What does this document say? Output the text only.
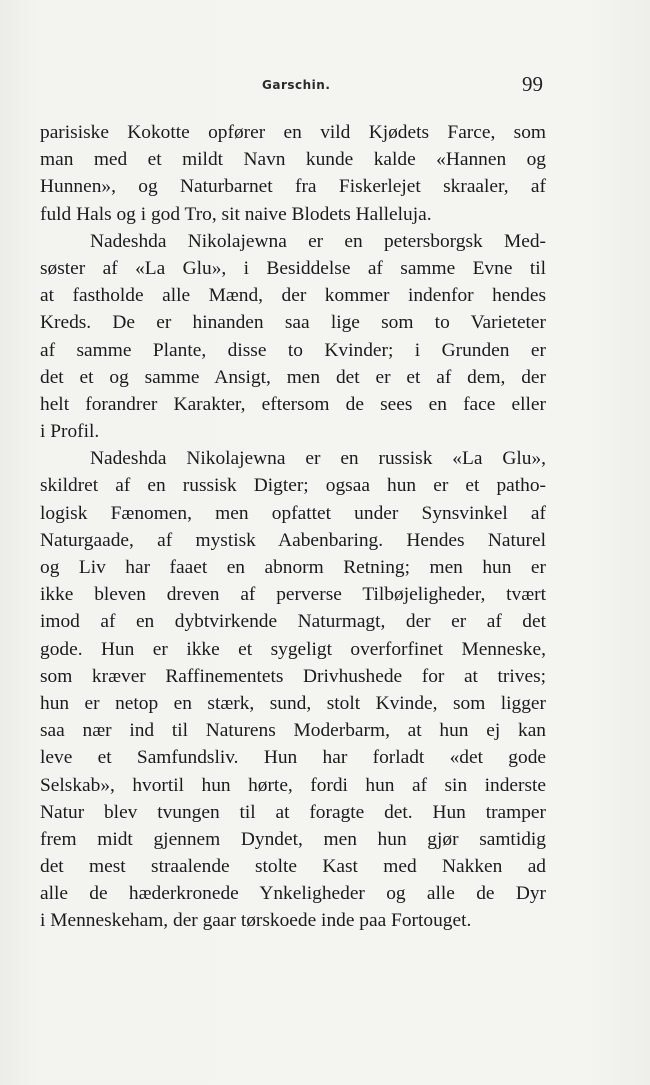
Garschin.	99
parisiske Kokotte opfører en vild Kjødets Farce, som
man med et mildt Navn kunde kalde «Hannen og
Hunnen», og Naturbarnet fra Fiskerlejet skraaler, af
fuld Hals og i god Tro, sit naive Blodets Halleluja.
Nadeshda Nikolajewna er en petersborgsk Med-
søster af «La Glu», i Besiddelse af samme Evne til
at fastholde alle Mænd, der kommer indenfor hendes
Kreds. De er hinanden saa lige som to Varieteter
af samme Plante, disse to Kvinder; i Grunden er
det et og samme Ansigt, men det er et af dem, der
helt forandrer Karakter, eftersom de sees en face eller
i Profil.
Nadeshda Nikolajewna er en russisk «La Glu»,
skildret af en russisk Digter; ogsaa hun er et patho-
logisk Fænomen, men opfattet under Synsvinkel af
Naturgaade, af mystisk Aabenbaring. Hendes Naturel
og Liv har faaet en abnorm Retning; men hun er
ikke bleven dreven af perverse Tilbøjeligheder, tvært
imod af en dybtvirkende Naturmagt, der er af det
gode. Hun er ikke et sygeligt overforfinet Menneske,
som kræver Raffinementets Drivhushede for at trives;
hun er netop en stærk, sund, stolt Kvinde, som ligger
saa nær ind til Naturens Moderbarm, at hun ej kan
leve et Samfundsliv. Hun har forladt «det gode
Selskab», hvortil hun hørte, fordi hun af sin inderste
Natur blev tvungen til at foragte det. Hun tramper
frem midt gjennem Dyndet, men hun gjør samtidig
det mest straalende stolte Kast med Nakken ad
alle de hæderkronede Ynkeligheder og alle de Dyr
i Menneskeham, der gaar tørskoede inde paa Fortouget.
